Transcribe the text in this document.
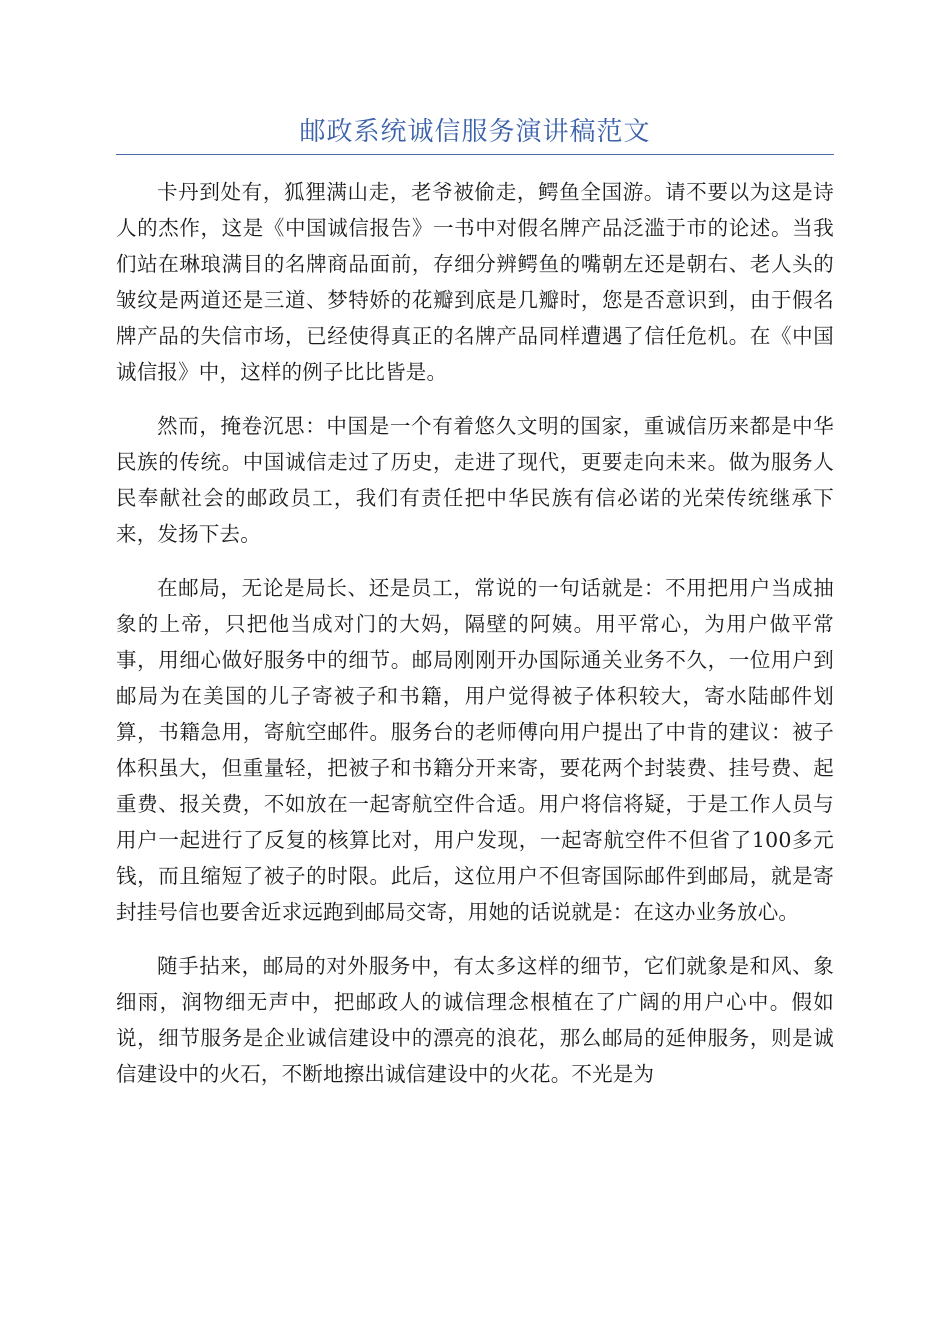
邮政系统诚信服务演讲稿范文

卡丹到处有，狐狸满山走，老爷被偷走，鳄鱼全国游。请不要以为这是诗人的杰作，这是《中国诚信报告》一书中对假名牌产品泛滥于市的论述。当我们站在琳琅满目的名牌商品面前，存细分辨鳄鱼的嘴朝左还是朝右、老人头的皱纹是两道还是三道、梦特娇的花瓣到底是几瓣时，您是否意识到，由于假名牌产品的失信市场，已经使得真正的名牌产品同样遭遇了信任危机。在《中国诚信报》中，这样的例子比比皆是。

然而，掩卷沉思：中国是一个有着悠久文明的国家，重诚信历来都是中华民族的传统。中国诚信走过了历史，走进了现代，更要走向未来。做为服务人民奉献社会的邮政员工，我们有责任把中华民族有信必诺的光荣传统继承下来，发扬下去。

在邮局，无论是局长、还是员工，常说的一句话就是：不用把用户当成抽象的上帝，只把他当成对门的大妈，隔壁的阿姨。用平常心，为用户做平常事，用细心做好服务中的细节。邮局刚刚开办国际通关业务不久，一位用户到邮局为在美国的儿子寄被子和书籍，用户觉得被子体积较大，寄水陆邮件划算，书籍急用，寄航空邮件。服务台的老师傅向用户提出了中肯的建议：被子体积虽大，但重量轻，把被子和书籍分开来寄，要花两个封装费、挂号费、起重费、报关费，不如放在一起寄航空件合适。用户将信将疑，于是工作人员与用户一起进行了反复的核算比对，用户发现，一起寄航空件不但省了100多元钱，而且缩短了被子的时限。此后，这位用户不但寄国际邮件到邮局，就是寄封挂号信也要舍近求远跑到邮局交寄，用她的话说就是：在这办业务放心。

随手拈来，邮局的对外服务中，有太多这样的细节，它们就象是和风、象细雨，润物细无声中，把邮政人的诚信理念根植在了广阔的用户心中。假如说，细节服务是企业诚信建设中的漂亮的浪花，那么邮局的延伸服务，则是诚信建设中的火石，不断地擦出诚信建设中的火花。不光是为
